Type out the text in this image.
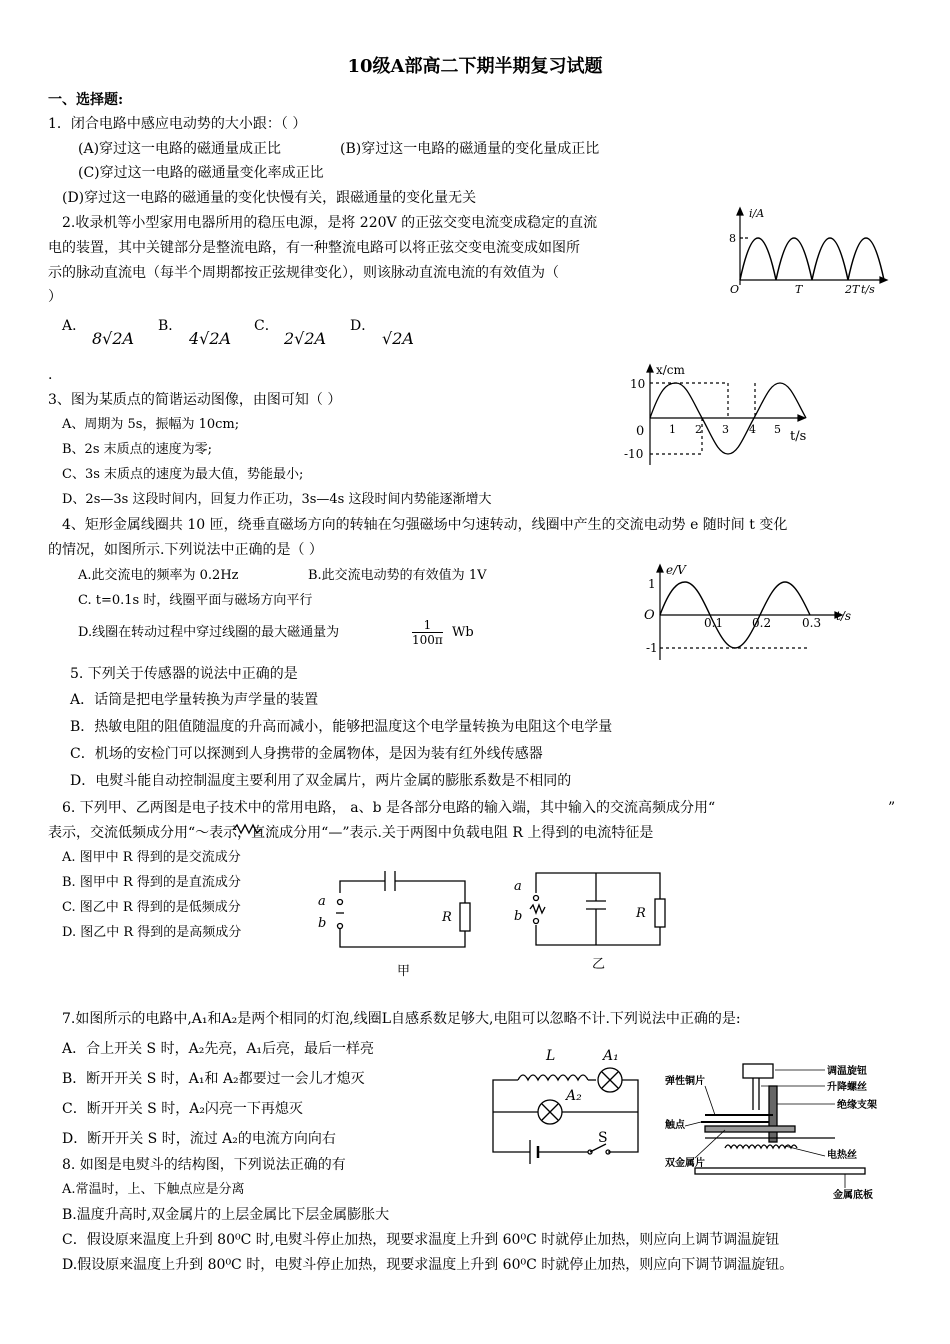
10级A部高二下期半期复习试题
一、选择题:
1．闭合电路中感应电动势的大小跟：（ ）
(A)穿过这一电路的磁通量成正比	(B)穿过这一电路的磁通量的变化量成正比
(C)穿过这一电路的磁通量变化率成正比
(D)穿过这一电路的磁通量的变化快慢有关，跟磁通量的变化量无关
2.收录机等小型家用电器所用的稳压电源，是将 220V 的正弦交变电流变成稳定的直流
电的装置，其中关键部分是整流电路，有一种整流电路可以将正弦交变电流变成如图所
示的脉动直流电（每半个周期都按正弦规律变化），则该脉动直流电流的有效值为（
）
A．
8√2A
B．
4√2A
C．
2√2A
D．
√2A
i/A
8
O	T	2T t/s
.
3、图为某质点的简谐运动图像，由图可知（ ）
A、周期为 5s，振幅为 10cm;
B、2s 末质点的速度为零;
C、3s 末质点的速度为最大值，势能最小;
D、2s—3s 这段时间内，回复力作正功，3s—4s 这段时间内势能逐渐增大
x/cm
10
-10
0 1 2 3 4 5 t/s
4、矩形金属线圈共 10 匝，绕垂直磁场方向的转轴在匀强磁场中匀速转动，线圈中产生的交流电动势 e 随时间 t 变化
的情况，如图所示.下列说法中正确的是（ ）
A.此交流电的频率为 0.2Hz	B.此交流电动势的有效值为 1V
C. t=0.1s 时，线圈平面与磁场方向平行
D.线圈在转动过程中穿过线圈的最大磁通量为	$\frac{1}{100\pi}$ Wb
e/V
1
-1
O	0.1 0.2	0.3 t/s
5. 下列关于传感器的说法中正确的是
A．话筒是把电学量转换为声学量的装置
B．热敏电阻的阻值随温度的升高而减小，能够把温度这个电学量转换为电阻这个电学量
C．机场的安检门可以探测到人身携带的金属物体，是因为装有红外线传感器
D．电熨斗能自动控制温度主要利用了双金属片，两片金属的膨胀系数是不相同的
6. 下列甲、乙两图是电子技术中的常用电路， a、b 是各部分电路的输入端，其中输入的交流高频成分用“	”
表示，交流低频成分用“～表示，直流成分用“—”表示.关于两图中负载电阻 R 上得到的电流特征是
A. 图甲中 R 得到的是交流成分
B. 图甲中 R 得到的是直流成分
C. 图乙中 R 得到的是低频成分
D. 图乙中 R 得到的是高频成分
a
b	R
甲
a
b	R
乙
7.如图所示的电路中,A₁和A₂是两个相同的灯泡,线圈L自感系数足够大,电阻可以忽略不计.下列说法中正确的是:
A．合上开关 S 时，A₂先亮，A₁后亮，最后一样亮
B．断开开关 S 时，A₁和 A₂都要过一会儿才熄灭
C．断开开关 S 时，A₂闪亮一下再熄灭
D．断开开关 S 时，流过 A₂的电流方向向右
L	A₁
A₂
S
8. 如图是电熨斗的结构图，下列说法正确的有
A.常温时，上、下触点应是分离
B.温度升高时,双金属片的上层金属比下层金属膨胀大
C．假设原来温度上升到 80⁰C 时,电熨斗停止加热，现要求温度上升到 60⁰C 时就停止加热，则应向上调节调温旋钮
D.假设原来温度上升到 80⁰C 时，电熨斗停止加热，现要求温度上升到 60⁰C 时就停止加热，则应向下调节调温旋钮。
调温旋钮
升降螺丝
弹性铜片
绝缘支架
触点
双金属片
电热丝
金属底板
